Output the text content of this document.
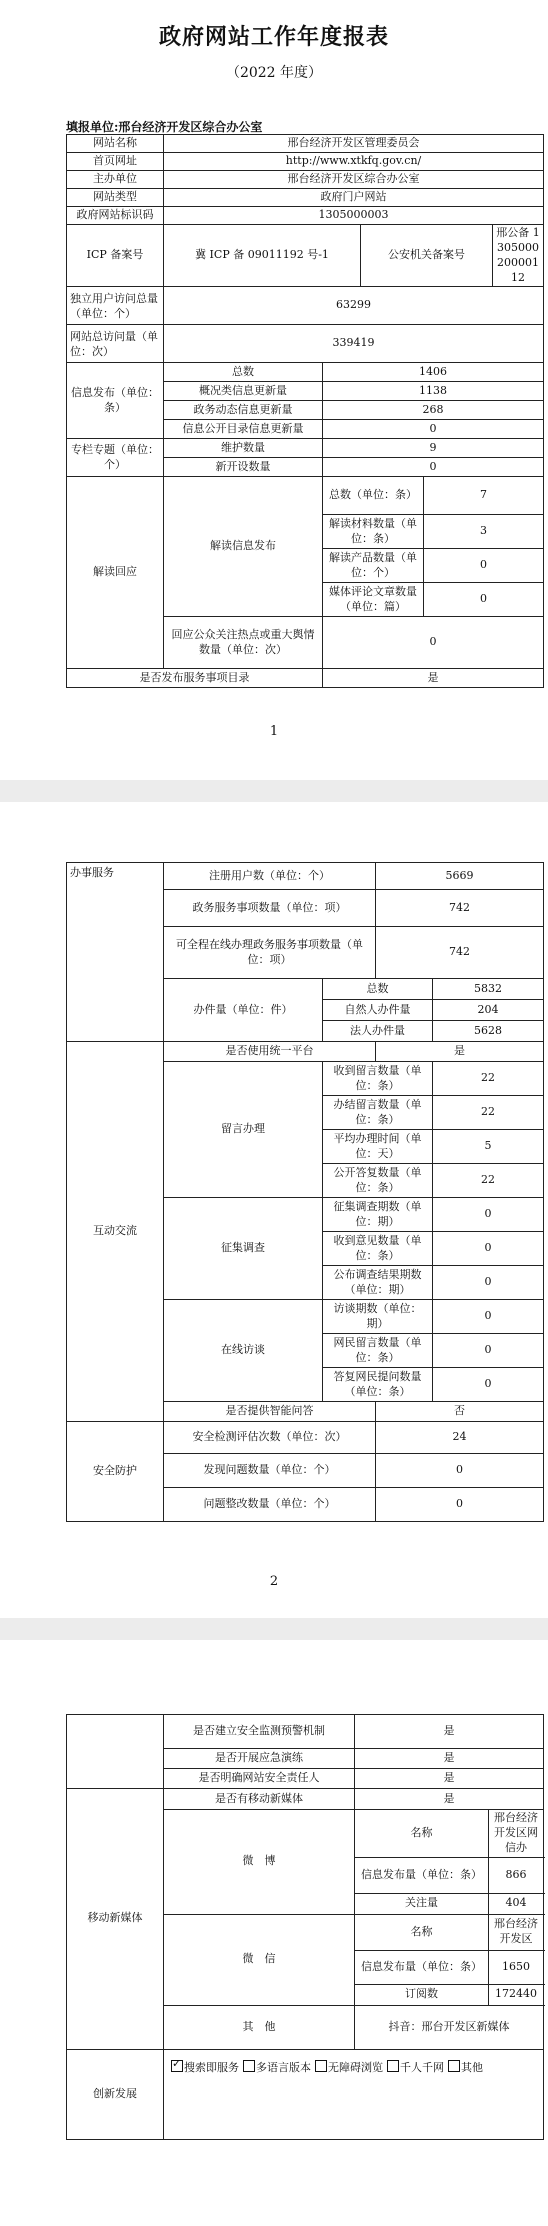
政府网站工作年度报表
（2022 年度）
填报单位:邢台经济开发区综合办公室
网站名称	邢台经济开发区管理委员会				
首页网址	http://www.xtkfq.gov.cn/				
主办单位	邢台经济开发区综合办公室				
网站类型	政府门户网站				
政府网站标识码	1305000003				
ICP 备案号	冀 ICP 备 09011192 号-1		公安机关备案号		邢公备 130500020000112
独立用户访问总量（单位：个）	63299				
网站总访问量（单位：次）	339419				
信息发布（单位：条）	总数	1406			
	概况类信息更新量	1138			
	政务动态信息更新量	268			
	信息公开目录信息更新量	0			
专栏专题（单位：个）	维护数量	9			
	新开设数量	0			
解读回应	解读信息发布	总数（单位：条）		7	
		解读材料数量（单位：条）		3	
		解读产品数量（单位：个）		0	
		媒体评论文章数量（单位：篇）		0	
	回应公众关注热点或重大舆情数量（单位：次）	0			
是否发布服务事项目录		是			
1
办事服务	注册用户数（单位：个）		5669	
	政务服务事项数量（单位：项）		742	
	可全程在线办理政务服务事项数量（单位：项）		742	
	办件量（单位：件）	总数		5832
		自然人办件量		204
		法人办件量		5628
互动交流	是否使用统一平台		是	
	留言办理	收到留言数量（单位：条）		22
		办结留言数量（单位：条）		22
		平均办理时间（单位：天）		5
		公开答复数量（单位：条）		22
	征集调查	征集调查期数（单位：期）		0
		收到意见数量（单位：条）		0
		公布调查结果期数（单位：期）		0
	在线访谈	访谈期数（单位：期）		0
		网民留言数量（单位：条）		0
		答复网民提问数量（单位：条）		0
	是否提供智能问答		否	
安全防护	安全检测评估次数（单位：次）		24	
	发现问题数量（单位：个）		0	
	问题整改数量（单位：个）		0	
2
	是否建立安全监测预警机制	是	
	是否开展应急演练	是	
	是否明确网站安全责任人	是	
移动新媒体	是否有移动新媒体	是	
	微　博	名称	邢台经济开发区网信办
		信息发布量（单位：条）	866
		关注量	404
	微　信	名称	邢台经济开发区
		信息发布量（单位：条）	1650
		订阅数	172440
	其　他	抖音：邢台开发区新媒体	
创新发展	✓搜索即服务 多语言版本 无障碍浏览 千人千网 其他
